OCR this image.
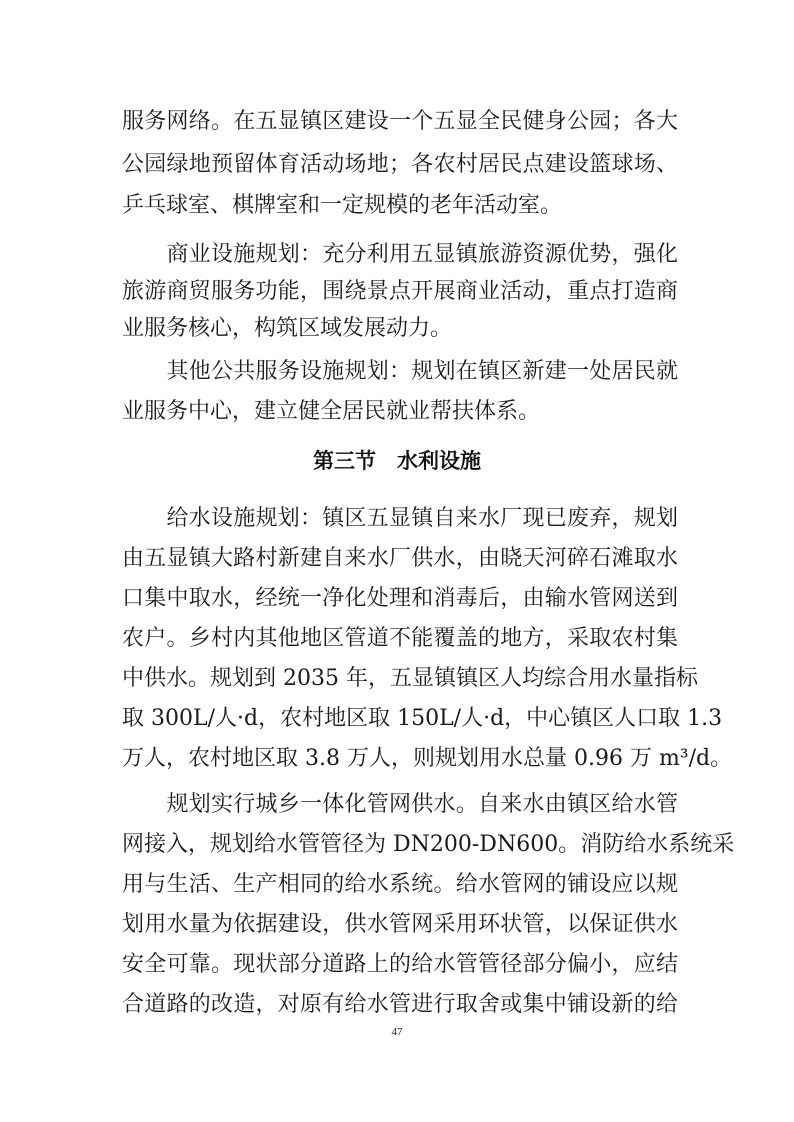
服务网络。在五显镇区建设一个五显全民健身公园；各大
公园绿地预留体育活动场地；各农村居民点建设篮球场、
乒乓球室、棋牌室和一定规模的老年活动室。
　　商业设施规划：充分利用五显镇旅游资源优势，强化
旅游商贸服务功能，围绕景点开展商业活动，重点打造商
业服务核心，构筑区域发展动力。
　　其他公共服务设施规划：规划在镇区新建一处居民就
业服务中心，建立健全居民就业帮扶体系。
第三节　水利设施
　　给水设施规划：镇区五显镇自来水厂现已废弃，规划
由五显镇大路村新建自来水厂供水，由晓天河碎石滩取水
口集中取水，经统一净化处理和消毒后，由输水管网送到
农户。乡村内其他地区管道不能覆盖的地方，采取农村集
中供水。规划到 2035 年，五显镇镇区人均综合用水量指标
取 300L/人·d，农村地区取 150L/人·d，中心镇区人口取 1.3
万人，农村地区取 3.8 万人，则规划用水总量 0.96 万 m³/d。
　　规划实行城乡一体化管网供水。自来水由镇区给水管
网接入，规划给水管管径为 DN200-DN600。消防给水系统采
用与生活、生产相同的给水系统。给水管网的铺设应以规
划用水量为依据建设，供水管网采用环状管，以保证供水
安全可靠。现状部分道路上的给水管管径部分偏小，应结
合道路的改造，对原有给水管进行取舍或集中铺设新的给
47
